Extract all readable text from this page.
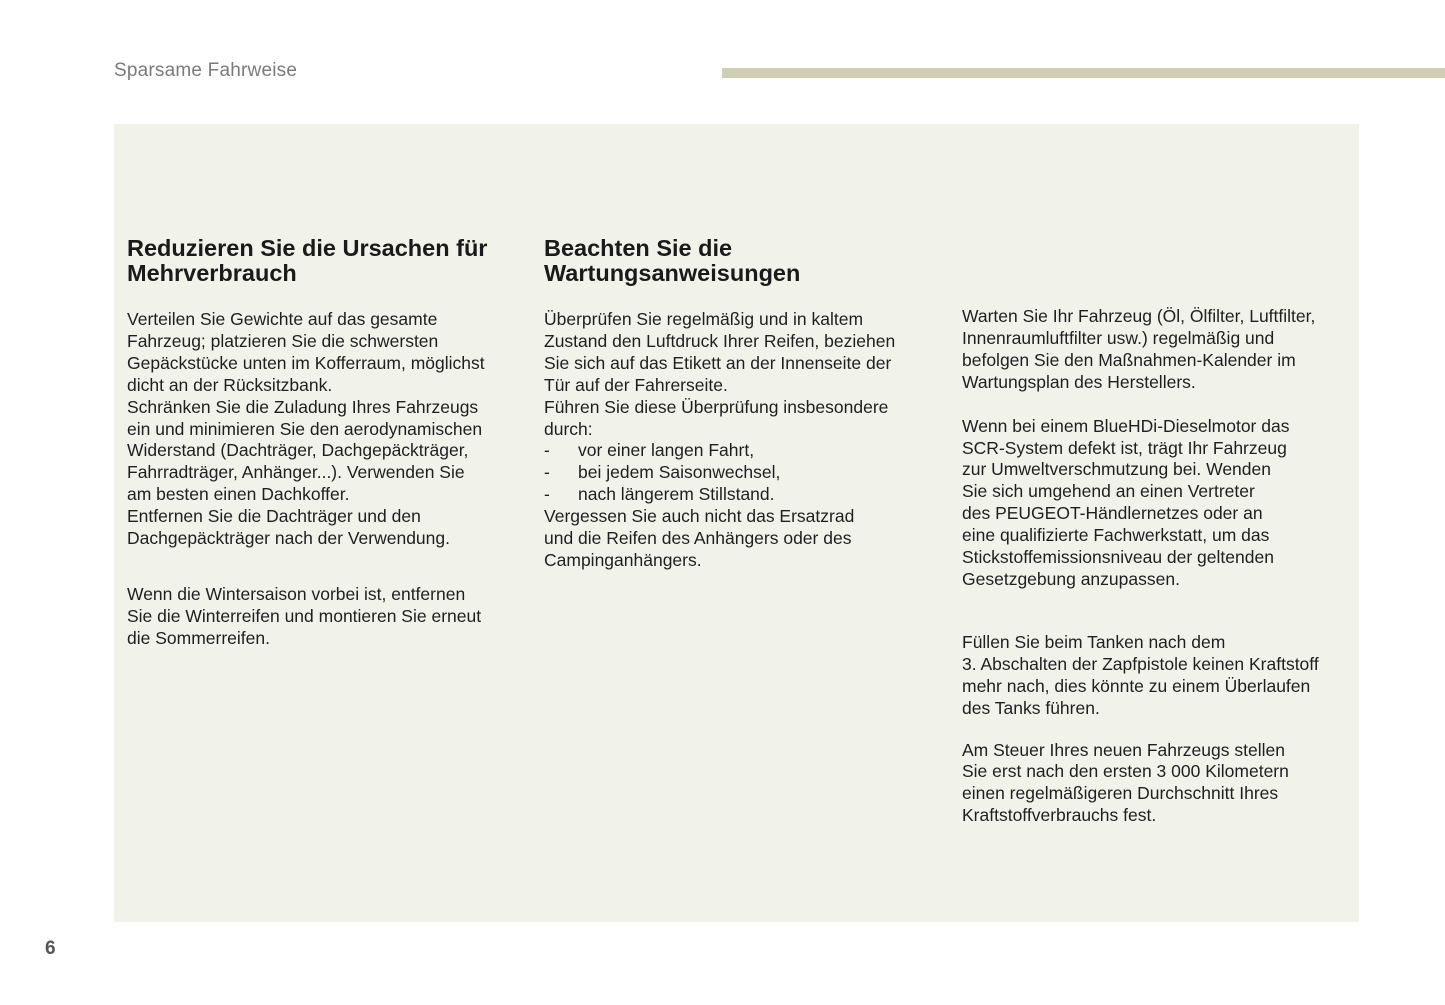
Sparsame Fahrweise
Reduzieren Sie die Ursachen für
Mehrverbrauch
Verteilen Sie Gewichte auf das gesamte
Fahrzeug; platzieren Sie die schwersten
Gepäckstücke unten im Kofferraum, möglichst
dicht an der Rücksitzbank.
Schränken Sie die Zuladung Ihres Fahrzeugs
ein und minimieren Sie den aerodynamischen
Widerstand (Dachträger, Dachgepäckträger,
Fahrradträger, Anhänger...). Verwenden Sie
am besten einen Dachkoffer.
Entfernen Sie die Dachträger und den
Dachgepäckträger nach der Verwendung.

Wenn die Wintersaison vorbei ist, entfernen
Sie die Winterreifen und montieren Sie erneut
die Sommerreifen.

Beachten Sie die
Wartungsanweisungen
Überprüfen Sie regelmäßig und in kaltem
Zustand den Luftdruck Ihrer Reifen, beziehen
Sie sich auf das Etikett an der Innenseite der
Tür auf der Fahrerseite.
Führen Sie diese Überprüfung insbesondere
durch:
-	vor einer langen Fahrt,
-	bei jedem Saisonwechsel,
-	nach längerem Stillstand.

Vergessen Sie auch nicht das Ersatzrad
und die Reifen des Anhängers oder des
Campinganhängers.

Warten Sie Ihr Fahrzeug (Öl, Ölfilter, Luftfilter,
Innenraumluftfilter usw.) regelmäßig und
befolgen Sie den Maßnahmen-Kalender im
Wartungsplan des Herstellers.

Wenn bei einem BlueHDi-Dieselmotor das
SCR-System defekt ist, trägt Ihr Fahrzeug
zur Umweltverschmutzung bei. Wenden
Sie sich umgehend an einen Vertreter
des PEUGEOT-Händlernetzes oder an
eine qualifizierte Fachwerkstatt, um das
Stickstoffemissionsniveau der geltenden
Gesetzgebung anzupassen.

Füllen Sie beim Tanken nach dem
3. Abschalten der Zapfpistole keinen Kraftstoff
mehr nach, dies könnte zu einem Überlaufen
des Tanks führen.

Am Steuer Ihres neuen Fahrzeugs stellen
Sie erst nach den ersten 3 000 Kilometern
einen regelmäßigeren Durchschnitt Ihres
Kraftstoffverbrauchs fest.

6
